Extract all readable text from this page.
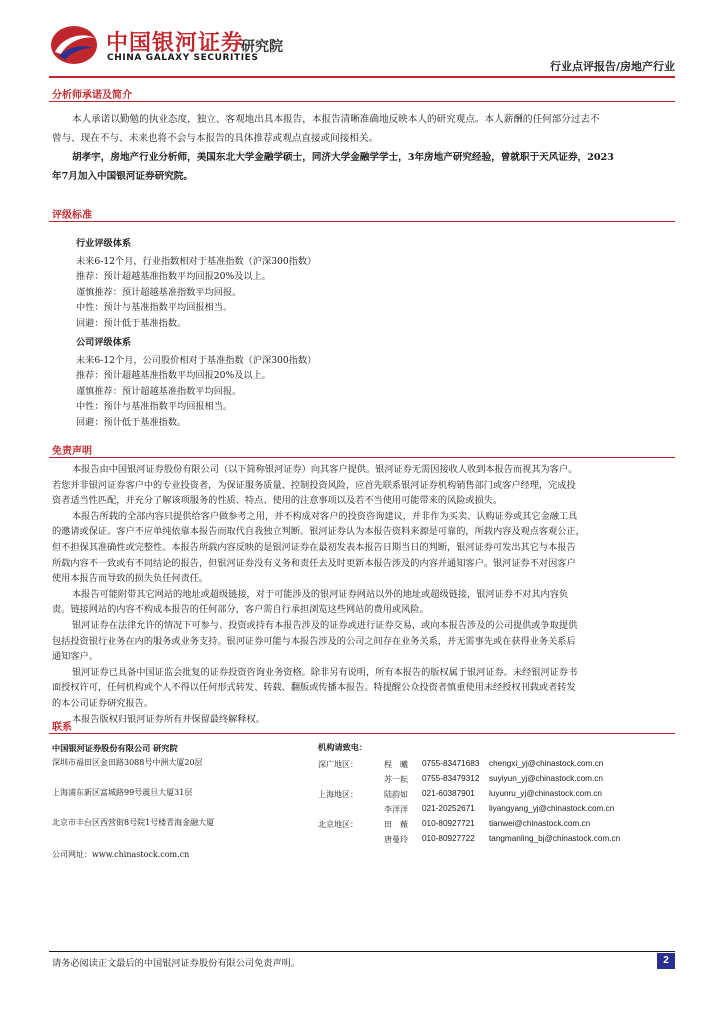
中国银河证券
研究院
CHINA GALAXY SECURITIES
行业点评报告/房地产行业
分析师承诺及简介
本人承诺以勤勉的执业态度，独立、客观地出具本报告，本报告清晰准确地反映本人的研究观点。本人薪酬的任何部分过去不
曾与、现在不与、未来也将不会与本报告的具体推荐或观点直接或间接相关。
胡孝宇，房地产行业分析师，美国东北大学金融学硕士，同济大学金融学学士，3年房地产研究经验，曾就职于天风证券，2023
年7月加入中国银河证券研究院。
评级标准
行业评级体系
未来6-12个月，行业指数相对于基准指数（沪深300指数）
推荐：预计超越基准指数平均回报20%及以上。
谨慎推荐：预计超越基准指数平均回报。
中性：预计与基准指数平均回报相当。
回避：预计低于基准指数。
公司评级体系
未来6-12个月，公司股价相对于基准指数（沪深300指数）
推荐：预计超越基准指数平均回报20%及以上。
谨慎推荐：预计超越基准指数平均回报。
中性：预计与基准指数平均回报相当。
回避：预计低于基准指数。
免责声明
本报告由中国银河证券股份有限公司（以下简称银河证券）向其客户提供。银河证券无需因接收人收到本报告而视其为客户。
若您并非银河证券客户中的专业投资者，为保证服务质量、控制投资风险，应首先联系银河证券机构销售部门或客户经理，完成投
资者适当性匹配，并充分了解该项服务的性质、特点、使用的注意事项以及若不当使用可能带来的风险或损失。
本报告所载的全部内容只提供给客户做参考之用，并不构成对客户的投资咨询建议，并非作为买卖、认购证券或其它金融工具
的邀请或保证。客户不应单纯依靠本报告而取代自我独立判断。银河证券认为本报告资料来源是可靠的，所载内容及观点客观公正，
但不担保其准确性或完整性。本报告所载内容反映的是银河证券在最初发表本报告日期当日的判断，银河证券可发出其它与本报告
所载内容不一致或有不同结论的报告，但银河证券没有义务和责任去及时更新本报告涉及的内容并通知客户。银河证券不对因客户
使用本报告而导致的损失负任何责任。
本报告可能附带其它网站的地址或超级链接，对于可能涉及的银河证券网站以外的地址或超级链接，银河证券不对其内容负
责。链接网站的内容不构成本报告的任何部分，客户需自行承担浏览这些网站的费用或风险。
银河证券在法律允许的情况下可参与、投资或持有本报告涉及的证券或进行证券交易，或向本报告涉及的公司提供或争取提供
包括投资银行业务在内的服务或业务支持。银河证券可能与本报告涉及的公司之间存在业务关系，并无需事先或在获得业务关系后
通知客户。
银河证券已具备中国证监会批复的证券投资咨询业务资格。除非另有说明，所有本报告的版权属于银河证券。未经银河证券书
面授权许可，任何机构或个人不得以任何形式转发、转载、翻版或传播本报告。特提醒公众投资者慎重使用未经授权刊载或者转发
的本公司证券研究报告。
本报告版权归银河证券所有并保留最终解释权。
联系
中国银河证券股份有限公司 研究院
深圳市福田区金田路3088号中洲大厦20层
上海浦东新区富城路99号震旦大厦31层
北京市丰台区西营街8号院1号楼青海金融大厦
机构请致电：
深广地区：
上海地区：
北京地区：
程　曦 0755-83471683 chengxi_yj@chinastock.com.cn
苏一耘 0755-83479312 suyiyun_yj@chinastock.com.cn
陆韵如 021-60387901 luyunru_yj@chinastock.com.cn
李洋洋 021-20252671 liyangyang_yj@chinastock.com.cn
田　薇 010-80927721 tianwei@chinastock.com.cn
唐曼玲 010-80927722 tangmanling_bj@chinastock.com.cn
公司网址：www.chinastock.com.cn
请务必阅读正文最后的中国银河证券股份有限公司免责声明。	2
